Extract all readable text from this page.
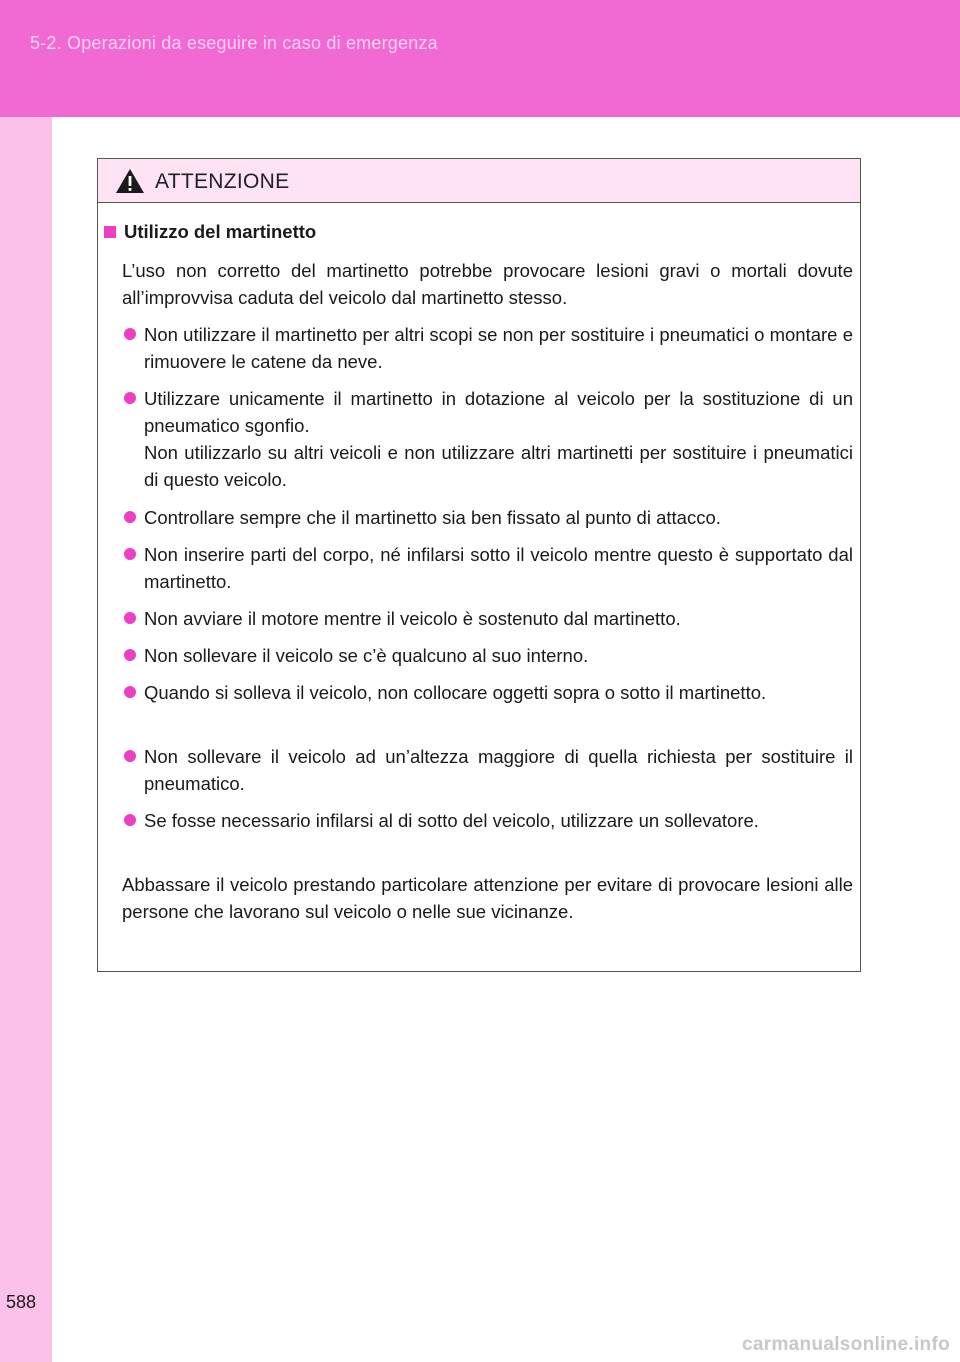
5-2. Operazioni da eseguire in caso di emergenza
588
ATTENZIONE
Utilizzo del martinetto
L’uso non corretto del martinetto potrebbe provocare lesioni gravi o mortali dovute all’improvvisa caduta del veicolo dal martinetto stesso.
Non utilizzare il martinetto per altri scopi se non per sostituire i pneumatici o montare e rimuovere le catene da neve.
Utilizzare unicamente il martinetto in dotazione al veicolo per la sostituzione di un pneumatico sgonfio.
Non utilizzarlo su altri veicoli e non utilizzare altri martinetti per sostituire i pneumatici di questo veicolo.
Controllare sempre che il martinetto sia ben fissato al punto di attacco.
Non inserire parti del corpo, né infilarsi sotto il veicolo mentre questo è supportato dal martinetto.
Non avviare il motore mentre il veicolo è sostenuto dal martinetto.
Non sollevare il veicolo se c’è qualcuno al suo interno.
Quando si solleva il veicolo, non collocare oggetti sopra o sotto il martinetto.
Non sollevare il veicolo ad un’altezza maggiore di quella richiesta per sostituire il pneumatico.
Se fosse necessario infilarsi al di sotto del veicolo, utilizzare un sollevatore.
Abbassare il veicolo prestando particolare attenzione per evitare di provocare lesioni alle persone che lavorano sul veicolo o nelle sue vicinanze.
carmanualsonline.info
